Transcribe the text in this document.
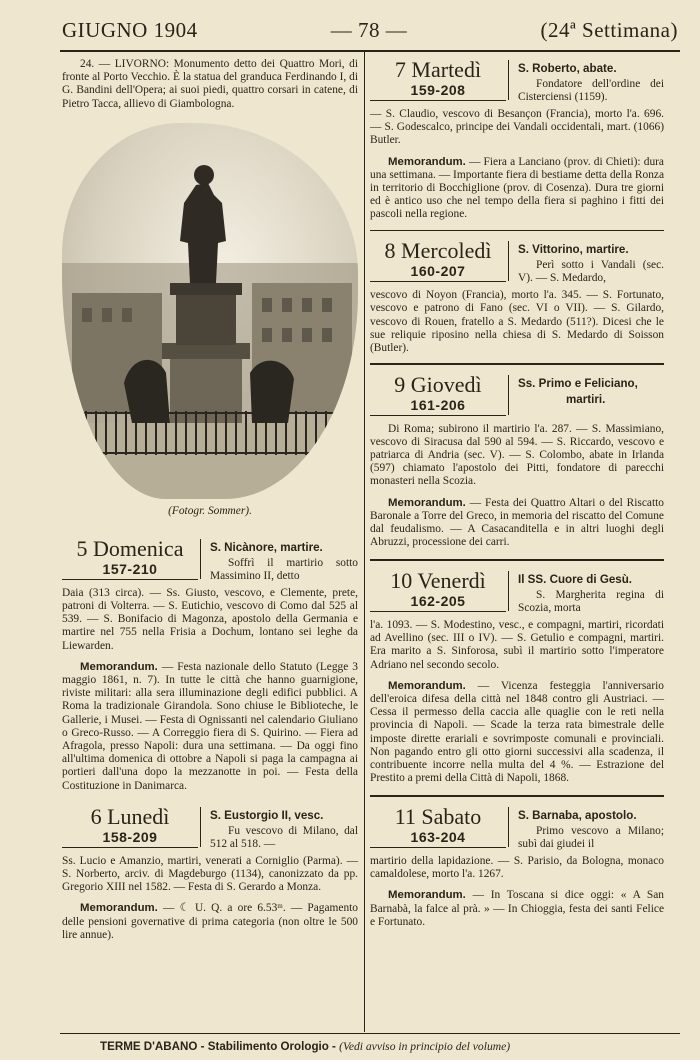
GIUGNO 1904	— 78 —	(24ª Settimana)

24. — LIVORNO: Monumento detto dei Quattro Mori, di fronte al Porto Vecchio. È la statua del granduca Ferdinando I, di G. Bandini dell'Opera; ai suoi piedi, quattro corsari in catene, di Pietro Tacca, allievo di Giambologna.

(Fotogr. Sommer).

5 Domenica
157-210
S. Nicànore, martire.
Soffrì il martirio sotto Massimino II, detto

Daia (313 circa). — Ss. Giusto, vescovo, e Clemente, prete, patroni di Volterra. — S. Eutichio, vescovo di Como dal 525 al 539. — S. Bonifacio di Magonza, apostolo della Germania e martire nel 755 nella Frisia a Dochum, lontano sei leghe da Liewarden.

Memorandum. — Festa nazionale dello Statuto (Legge 3 maggio 1861, n. 7). In tutte le città che hanno guarnigione, riviste militari: alla sera illuminazione degli edifici pubblici. A Roma la tradizionale Girandola. Sono chiuse le Biblioteche, le Gallerie, i Musei. — Festa di Ognissanti nel calendario Giuliano o Greco-Russo. — A Correggio fiera di S. Quirino. — Fiera ad Afragola, presso Napoli: dura una settimana. — Da oggi fino all'ultima domenica di ottobre a Napoli si paga la campagna ai portieri dall'una dopo la mezzanotte in poi. — Festa della Costituzione in Danimarca.

6 Lunedì
158-209
S. Eustorgio II, vesc.
Fu vescovo di Milano, dal 512 al 518. —

Ss. Lucio e Amanzio, martiri, venerati a Corniglio (Parma). — S. Norberto, arciv. di Magdeburgo (1134), canonizzato da pp. Gregorio XIII nel 1582. — Festa di S. Gerardo a Monza.

Memorandum. — ☾ U. Q. a ore 6.53ᵐ. — Pagamento delle pensioni governative di prima categoria (non oltre le 500 lire annue).

7 Martedì
159-208
S. Roberto, abate.
Fondatore dell'ordine dei Cisterciensi (1159).

— S. Claudio, vescovo di Besançon (Francia), morto l'a. 696. — S. Godescalco, principe dei Vandali occidentali, mart. (1066) Butler.

Memorandum. — Fiera a Lanciano (prov. di Chieti): dura una settimana. — Importante fiera di bestiame detta della Ronza in territorio di Bocchiglione (prov. di Cosenza). Dura tre giorni ed è antico uso che nel tempo della fiera si paghino i fitti dei pascoli nella regione.

8 Mercoledì
160-207
S. Vittorino, martire.
Perì sotto i Vandali (sec. V). — S. Medardo,

vescovo di Noyon (Francia), morto l'a. 345. — S. Fortunato, vescovo e patrono di Fano (sec. VI o VII). — S. Gilardo, vescovo di Rouen, fratello a S. Medardo (511?). Dicesi che le sue reliquie riposino nella chiesa di S. Medardo di Soisson (Butler).

9 Giovedì
161-206
Ss. Primo e Feliciano,
martiri.

Di Roma; subirono il martirio l'a. 287. — S. Massimiano, vescovo di Siracusa dal 590 al 594. — S. Riccardo, vescovo e patriarca di Andria (sec. V). — S. Colombo, abate in Irlanda (597) chiamato l'apostolo dei Pitti, fondatore di parecchi monasteri nella Scozia.

Memorandum. — Festa dei Quattro Altari o del Riscatto Baronale a Torre del Greco, in memoria del riscatto del Comune dal feudalismo. — A Casacanditella e in altri luoghi degli Abruzzi, processione dei carri.

10 Venerdì
162-205
Il SS. Cuore di Gesù.
S. Margherita regina di Scozia, morta

l'a. 1093. — S. Modestino, vesc., e compagni, martiri, ricordati ad Avellino (sec. III o IV). — S. Getulio e compagni, martiri. Era marito a S. Sinforosa, subì il martirio sotto l'imperatore Adriano nel secondo secolo.

Memorandum. — Vicenza festeggia l'anniversario dell'eroica difesa della città nel 1848 contro gli Austriaci. — Cessa il permesso della caccia alle quaglie con le reti nella provincia di Napoli. — Scade la terza rata bimestrale delle imposte dirette erariali e sovrimposte comunali e provinciali. Non pagando entro gli otto giorni successivi alla scadenza, il contribuente incorre nella multa del 4 %. — Estrazione del Prestito a premi della Città di Napoli, 1868.

11 Sabato
163-204
S. Barnaba, apostolo.
Primo vescovo a Milano; subì dai giudei il

martirio della lapidazione. — S. Parisio, da Bologna, monaco camaldolese, morto l'a. 1267.

Memorandum. — In Toscana si dice oggi: « A San Barnabà, la falce al prà. » — In Chioggia, festa dei santi Felice e Fortunato.

TERME D'ABANO - Stabilimento Orologio - (Vedi avviso in principio del volume)
